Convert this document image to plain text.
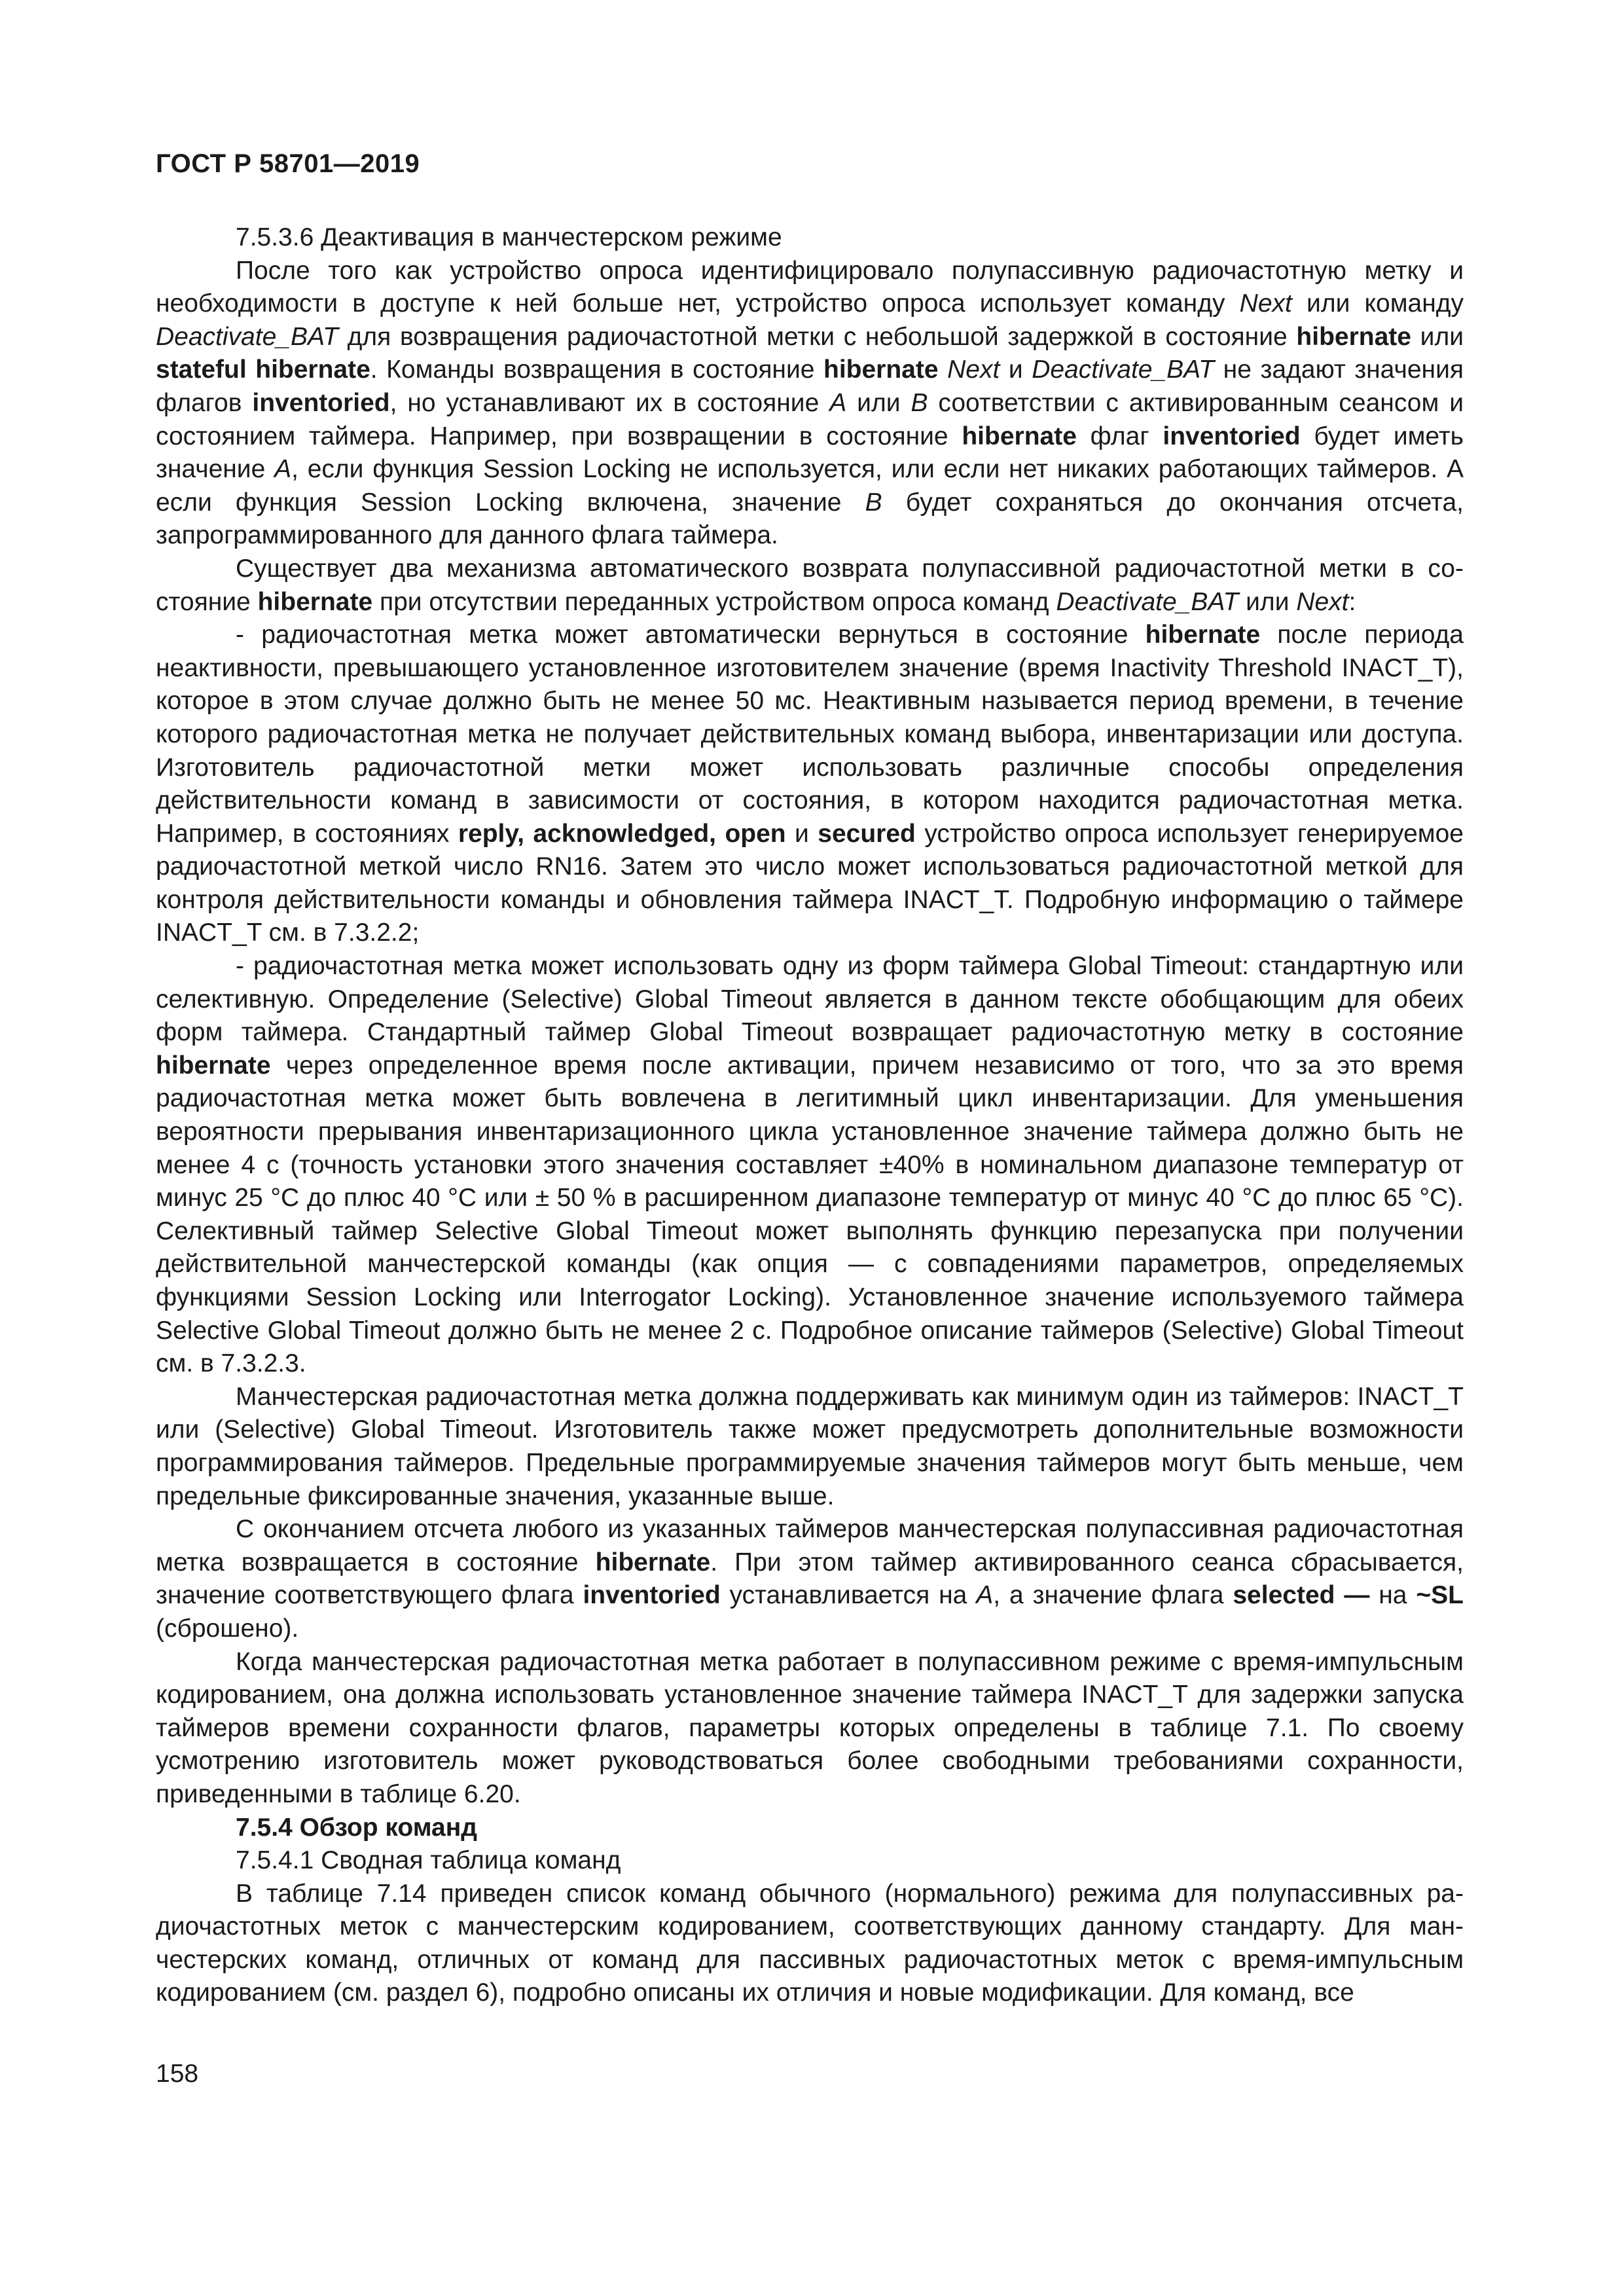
ГОСТ Р 58701—2019

7.5.3.6 Деактивация в манчестерском режиме

После того как устройство опроса идентифицировало полупассивную радиочастотную метку и необходимости в доступе к ней больше нет, устройство опроса использует команду Next или команду Deactivate_BAT для возвращения радиочастотной метки с небольшой задержкой в состояние hibernate или stateful hibernate. Команды возвращения в состояние hibernate Next и Deactivate_BAT не задают значения флагов inventoried, но устанавливают их в состояние A или B соответствии с активированным сеансом и состоянием таймера. Например, при возвращении в состояние hibernate флаг inventoried будет иметь значение A, если функция Session Locking не используется, или если нет никаких работающих таймеров. А если функция Session Locking включена, значение B будет сохраняться до окончания отсчета, запрограммированного для данного флага таймера.

Существует два механизма автоматического возврата полупассивной радиочастотной метки в состояние hibernate при отсутствии переданных устройством опроса команд Deactivate_BAT или Next:

- радиочастотная метка может автоматически вернуться в состояние hibernate после периода неактивности, превышающего установленное изготовителем значение (время Inactivity Threshold INACT_T), которое в этом случае должно быть не менее 50 мс. Неактивным называется период времени, в течение которого радиочастотная метка не получает действительных команд выбора, инвентаризации или доступа. Изготовитель радиочастотной метки может использовать различные способы определения действительности команд в зависимости от состояния, в котором находится радиочастотная метка. Например, в состояниях reply, acknowledged, open и secured устройство опроса использует генерируемое радиочастотной меткой число RN16. Затем это число может использоваться радиочастотной меткой для контроля действительности команды и обновления таймера INACT_T. Подробную информацию о таймере INACT_T см. в 7.3.2.2;

- радиочастотная метка может использовать одну из форм таймера Global Timeout: стандартную или селективную. Определение (Selective) Global Timeout является в данном тексте обобщающим для обеих форм таймера. Стандартный таймер Global Timeout возвращает радиочастотную метку в состояние hibernate через определенное время после активации, причем независимо от того, что за это время радиочастотная метка может быть вовлечена в легитимный цикл инвентаризации. Для уменьшения вероятности прерывания инвентаризационного цикла установленное значение таймера должно быть не менее 4 с (точность установки этого значения составляет ±40% в номинальном диапазоне температур от минус 25 °С до плюс 40 °С или ± 50 % в расширенном диапазоне температур от минус 40 °С до плюс 65 °С). Селективный таймер Selective Global Timeout может выполнять функцию перезапуска при получении действительной манчестерской команды (как опция — с совпадениями параметров, определяемых функциями Session Locking или Interrogator Locking). Установленное значение используемого таймера Selective Global Timeout должно быть не менее 2 с. Подробное описание таймеров (Selective) Global Timeout см. в 7.3.2.3.

Манчестерская радиочастотная метка должна поддерживать как минимум один из таймеров: INACT_T или (Selective) Global Timeout. Изготовитель также может предусмотреть дополнительные возможности программирования таймеров. Предельные программируемые значения таймеров могут быть меньше, чем предельные фиксированные значения, указанные выше.

С окончанием отсчета любого из указанных таймеров манчестерская полупассивная радиочастотная метка возвращается в состояние hibernate. При этом таймер активированного сеанса сбрасывается, значение соответствующего флага inventoried устанавливается на A, а значение флага selected — на ~SL (сброшено).

Когда манчестерская радиочастотная метка работает в полупассивном режиме с время-импульсным кодированием, она должна использовать установленное значение таймера INACT_T для задержки запуска таймеров времени сохранности флагов, параметры которых определены в таблице 7.1. По своему усмотрению изготовитель может руководствоваться более свободными требованиями сохранности, приведенными в таблице 6.20.

7.5.4 Обзор команд

7.5.4.1 Сводная таблица команд

В таблице 7.14 приведен список команд обычного (нормального) режима для полупассивных радиочастотных меток с манчестерским кодированием, соответствующих данному стандарту. Для манчестерских команд, отличных от команд для пассивных радиочастотных меток с время-импульсным кодированием (см. раздел 6), подробно описаны их отличия и новые модификации. Для команд, все

158
